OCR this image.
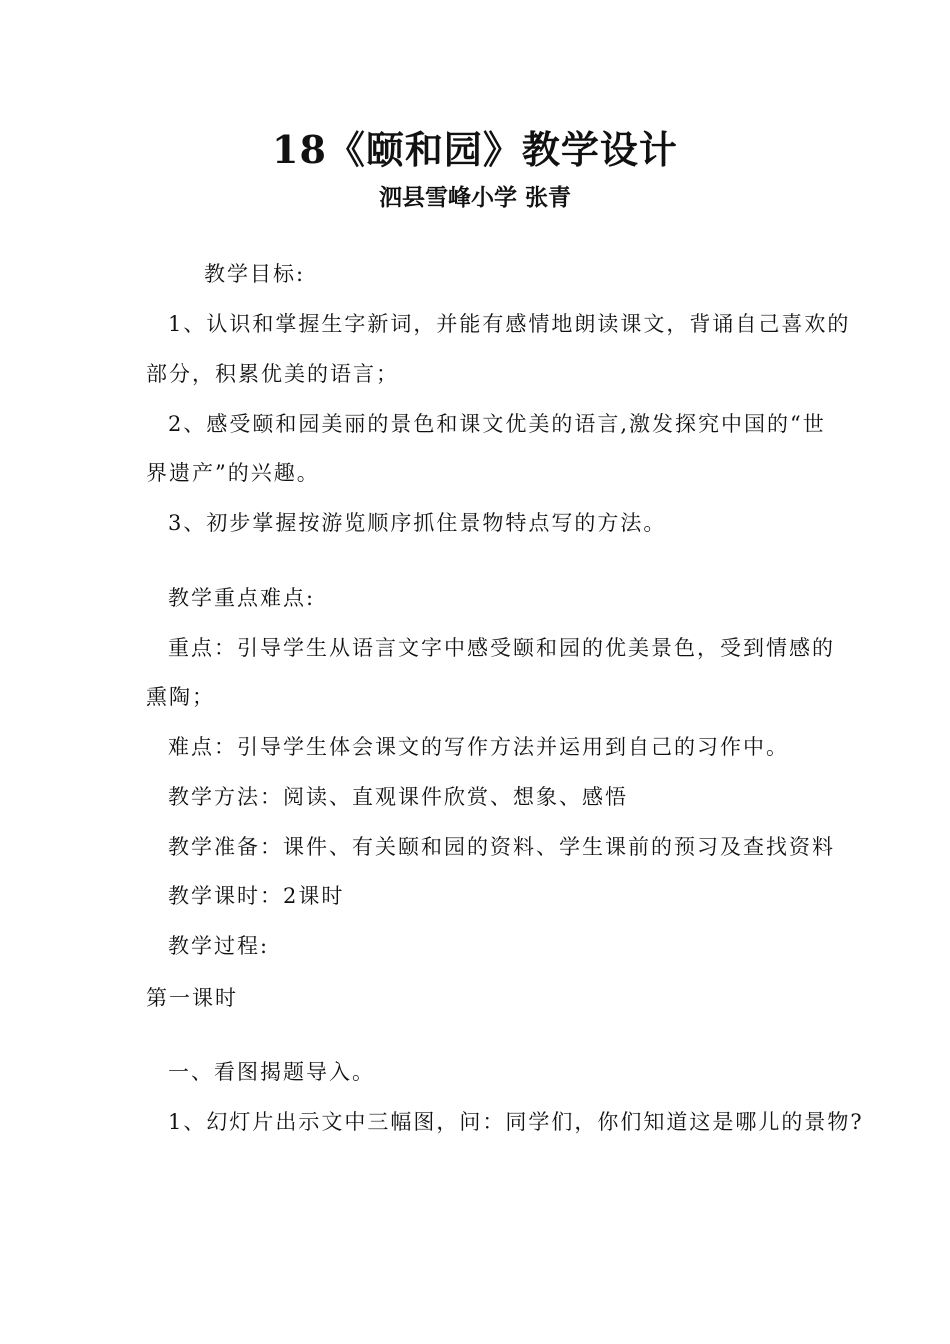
18《颐和园》教学设计
泗县雪峰小学 张青
教学目标:
1、认识和掌握生字新词，并能有感情地朗读课文，背诵自己喜欢的
部分，积累优美的语言；
2、感受颐和园美丽的景色和课文优美的语言,激发探究中国的“世
界遗产”的兴趣。
3、初步掌握按游览顺序抓住景物特点写的方法。
教学重点难点:
重点：引导学生从语言文字中感受颐和园的优美景色，受到情感的
熏陶；
难点：引导学生体会课文的写作方法并运用到自己的习作中。
教学方法：阅读、直观课件欣赏、想象、感悟
教学准备：课件、有关颐和园的资料、学生课前的预习及查找资料
教学课时：2课时
教学过程:
第一课时
一、看图揭题导入。
1、幻灯片出示文中三幅图，问：同学们，你们知道这是哪儿的景物?
